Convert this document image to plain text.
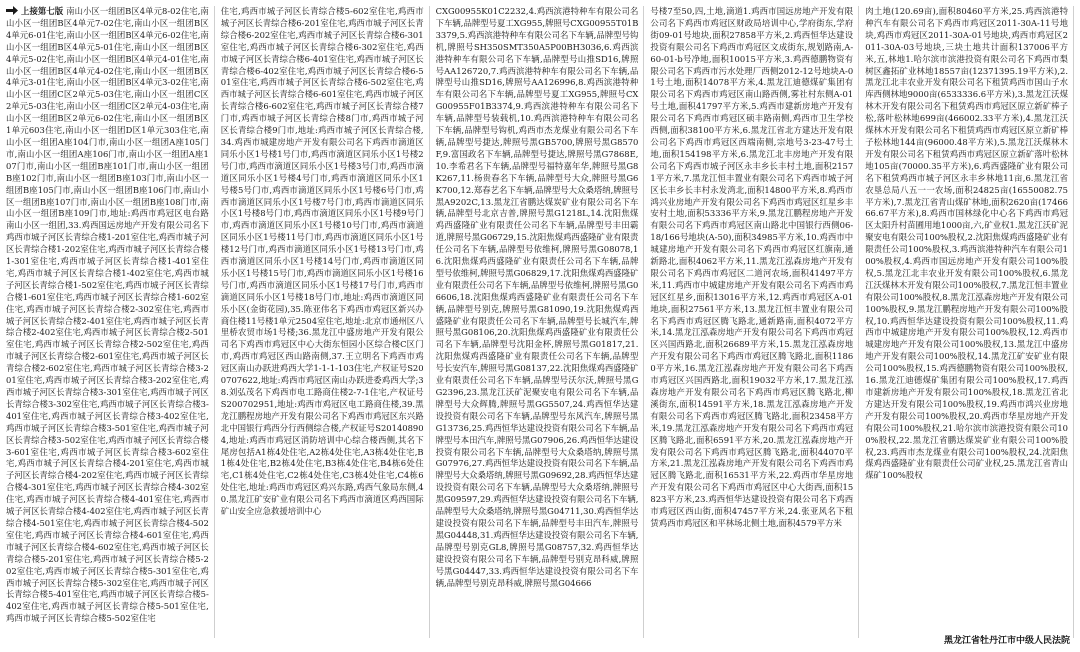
上接第七版 南山小区一组团B区4单元8-02住宅,南山小区一组团B区4单元7-02住宅,南山小区一组团B区4单元6-01住宅,南山小区一组团B区4单元6-02住宅,南山小区一组团B区4单元5-01住宅,南山小区一组团B区4单元5-02住宅,南山小区一组团B区4单元4-01住宅,南山小区一组团B区4单元4-02住宅,南山小区一组团B区4单元3-01住宅,南山小区一组团B区4单元3-02住宅,南山小区一组团C区2单元5-03住宅,南山小区一组团C区2单元5-03住宅,南山小区一组团C区2单元4-03住宅,南山小区一组团B区2单元6-02住宅,南山小区一组团B区1单元603住宅,南山小区一组团D区1单元303住宅,南山小区一组团A座104门市,南山小区一组团A座105门市,南山小区一组团A座106门市,南山小区一组团A座107门市,南山小区一组团B座101门市,南山小区一组团B座102门市,南山小区一组团B座103门市,南山小区一组团B座105门市,南山小区一组团B座106门市,南山小区一组团B座107门市,南山小区一组团B座108门市,南山小区一组团B座109门市,地址:鸡西市鸡冠区电台路南山小区一组团,33.鸡西国远房地产开发有限公司名下鸡西市城子河区长青综合楼1-201室住宅,鸡西市城子河区长青综合楼1-202室住宅,鸡西市城子河区长青综合楼1-301室住宅,鸡西市城子河区长青综合楼1-401室住宅,鸡西市城子河区长青综合楼1-402室住宅,鸡西市城子河区长青综合楼1-502室住宅,鸡西市城子河区长青综合楼1-601室住宅,鸡西市城子河区长青综合楼1-602室住宅,鸡西市城子河区长青综合楼2-302室住宅,鸡西市城子河区长青综合楼2-401室住宅,鸡西市城子河区长青综合楼2-402室住宅,鸡西市城子河区长青综合楼2-501室住宅,鸡西市城子河区长青综合楼2-502室住宅,鸡西市城子河区长青综合楼2-601室住宅,鸡西市城子河区长青综合楼2-602室住宅,鸡西市城子河区长青综合楼3-201室住宅,鸡西市城子河区长青综合楼3-202室住宅,鸡西市城子河区长青综合楼3-301室住宅,鸡西市城子河区长青综合楼3-302室住宅,鸡西市城子河区长青综合楼3-401室住宅,鸡西市城子河区长青综合楼3-402室住宅,鸡西市城子河区长青综合楼3-501室住宅,鸡西市城子河区长青综合楼3-502室住宅,鸡西市城子河区长青综合楼3-601室住宅,鸡西市城子河区长青综合楼3-602室住宅,鸡西市城子河区长青综合楼4-201室住宅,鸡西市城子河区长青综合楼4-202室住宅,鸡西市城子河区长青综合楼4-301室住宅,鸡西市城子河区长青综合楼4-302室住宅,鸡西市城子河区长青综合楼4-401室住宅,鸡西市城子河区长青综合楼4-402室住宅,鸡西市城子河区长青综合楼4-501室住宅,鸡西市城子河区长青综合楼4-502室住宅,鸡西市城子河区长青综合楼4-601室住宅,鸡西市城子河区长青综合楼4-602室住宅,鸡西市城子河区长青综合楼5-201室住宅,鸡西市城子河区长青综合楼5-202室住宅,鸡西市城子河区长青综合楼5-301室住宅,鸡西市城子河区长青综合楼5-302室住宅,鸡西市城子河区长青综合楼5-401室住宅,鸡西市城子河区长青综合楼5-402室住宅,鸡西市城子河区长青综合楼5-501室住宅,鸡西市城子河区长青综合楼5-502室住宅
住宅,鸡西市城子河区长青综合楼5-602室住宅,鸡西市城子河区长青综合楼6-201室住宅,鸡西市城子河区长青综合楼6-202室住宅,鸡西市城子河区长青综合楼6-301室住宅,鸡西市城子河区长青综合楼6-302室住宅,鸡西市城子河区长青综合楼6-401室住宅,鸡西市城子河区长青综合楼6-402室住宅,鸡西市城子河区长青综合楼6-501室住宅,鸡西市城子河区长青综合楼6-502室住宅,鸡西市城子河区长青综合楼6-601室住宅,鸡西市城子河区长青综合楼6-602室住宅,鸡西市城子河区长青综合楼7门市,鸡西市城子河区长青综合楼8门市,鸡西市城子河区长青综合楼9门市,地址:鸡西市城子河区长青综合楼,34.鸡西市城建房地产开发有限公司名下鸡西市滴道区同乐小区1号楼1号门市,鸡西市滴道区同乐小区1号楼2号门市,鸡西市滴道区同乐小区1号楼3号门市,鸡西市滴道区同乐小区1号楼4号门市,鸡西市滴道区同乐小区1号楼5号门市,鸡西市滴道区同乐小区1号楼6号门市,鸡西市滴道区同乐小区1号楼7号门市,鸡西市滴道区同乐小区1号楼8号门市,鸡西市滴道区同乐小区1号楼9号门市,鸡西市滴道区同乐小区1号楼10号门市,鸡西市滴道区同乐小区1号楼11号门市,鸡西市滴道区同乐小区1号楼12号门市,鸡西市滴道区同乐小区1号楼13号门市,鸡西市滴道区同乐小区1号楼14号门市,鸡西市滴道区同乐小区1号楼15号门市,鸡西市滴道区同乐小区1号楼16号门市,鸡西市滴道区同乐小区1号楼17号门市,鸡西市滴道区同乐小区1号楼18号门市,地址:鸡西市滴道区同乐小区(金街花园),35.陈亚伟名下鸡西市鸡冠区新兴办商住楼11号楼1单元2504室住宅,地址:北京市通州区八里桥农贸市场1号楼;36.黑龙江中盛房地产开发有限公司名下鸡西市鸡冠区中心大街东恒园小区综合楼C区门市,鸡西市鸡冠区西山路南侧,37.王立明名下鸡西市鸡冠区南山办跃进鸡西大学1-1-1-103住宅,产权证号S200707622,地址:鸡西市鸡冠区南山办跃进委鸡西大学;38.刘弘茂名下鸡西市电工路商住楼2-7-1住宅,产权证号S200702951,地址:鸡西市鸡冠区电工路商住楼,39.黑龙江鹏程房地产开发有限公司名下鸡西市鸡冠区东兴路北中国银行鸡西分行西侧综合楼,产权证号S201408904,地址:鸡西市鸡冠区消防培训中心综合楼西侧,其名下尾房包括A1栋4处住宅,A2栋4处住宅,A3栋4处住宅,B1栋4处住宅,B2栋4处住宅,B3栋4处住宅,B4栋6处住宅,C1栋4处住宅,C2栋4处住宅,C3栋4处住宅,C4栋6处住宅,地址:鸡西市鸡冠区鸡兴东路,鸡西气象局东侧,40.黑龙江矿安矿业有限公司名下鸡西市滴道区鸡西国际矿山安全应急救援培训中心
CXG00955K01C2232,4.鸡西滨港特种车有限公司名下车辆,品牌型号夏工XG955,牌照号CXG00955T01B3379,5.鸡西滨港特种车有限公司名下车辆,品牌型号钩机,牌照号SH350SMT350A5P00BH3036,6.鸡西滨港特种车有限公司名下车辆,品牌型号山推SD16,牌照号AA126720,7.鸡西滨港特种车有限公司名下车辆,品牌型号山推SD16,牌照号AA126996,8.鸡西滨港特种车有限公司名下车辆,品牌型号夏工XG955,牌照号CXG00955F01B3374,9.鸡西滨港特种车有限公司名下车辆,品牌型号装载机,10.鸡西滨港特种车有限公司名下车辆,品牌型号钩机,鸡西市杰龙煤业有限公司名下车辆,品牌型号捷达,牌照号黑GB5700,牌照号黑G8570F,9.富国政名下车辆,品牌型号捷达,牌照号黑G7868E,10.李希君名下车辆,品牌型号福特嘉年华,牌照号黑G8K267,11.杨贵春名下车辆,品牌型号大众,牌照号黑G6K700,12.郑春艺名下车辆,品牌型号大众桑塔纳,牌照号黑A9202C,13.黑龙江省鹏达煤炭矿业有限公司名下车辆,品牌型号北京吉普,牌照号黑G1218L,14.沈阳焦煤鸡西盛隆矿业有限责任公司名下车辆,品牌型号丰田霸道,牌照号黑G06729,15.沈阳焦煤鸡西盛隆矿业有限责任公司名下车辆,品牌型号依维柯,牌照号黑G08078,16.沈阳焦煤鸡西盛隆矿业有限责任公司名下车辆,品牌型号依维柯,牌照号黑G06829,17.沈阳焦煤鸡西盛隆矿业有限责任公司名下车辆,品牌型号依维柯,牌照号黑G06606,18.沈阳焦煤鸡西盛隆矿业有限责任公司名下车辆,品牌型号别克,牌照号黑G81090,19.沈阳焦煤鸡西盛隆矿业有限责任公司名下车辆,品牌型号长城汽车,牌照号黑G08106,20.沈阳焦煤鸡西盛隆矿业有限责任公司名下车辆,品牌型号沈阳金杯,牌照号黑G01817,21.沈阳焦煤鸡西盛隆矿业有限责任公司名下车辆,品牌型号长安汽车,牌照号黑G08137,22.沈阳焦煤鸡西盛隆矿业有限责任公司名下车辆,品牌型号沃尔沃,牌照号黑GG2396,23.黑龙江沃矿泥聚安电有限公司名下车辆,品牌型号大众辉腾,牌照号黑GG5507,24.鸡西恒华达建设投资有限公司名下车辆,品牌型号东风汽车,牌照号黑G13736,25.鸡西恒华达建设投资有限公司名下车辆,品牌型号本田汽车,牌照号黑G07906,26.鸡西恒华达建设投资有限公司名下车辆,品牌型号大众桑塔纳,牌照号黑G07976,27.鸡西恒华达建设投资有限公司名下车辆,品牌型号大众桑塔纳,牌照号黑G09692,28.鸡西恒华达建设投资有限公司名下车辆,品牌型号大众桑塔纳,牌照号黑G09597,29.鸡西恒华达建设投资有限公司名下车辆,品牌型号大众桑塔纳,牌照号黑G04711,30.鸡西恒华达建设投资有限公司名下车辆,品牌型号丰田汽车,牌照号黑G04448,31.鸡西恒华达建设投资有限公司名下车辆,品牌型号别克GL8,牌照号黑G08757,32.鸡西恒华达建设投资有限公司名下车辆,品牌型号别克昂科威,牌照号黑G04447,33.鸡西恒华达建设投资有限公司名下车辆,品牌型号别克昂科威,牌照号黑G04666
号楼7至50,四,土地,滴道1.鸡西市国远房地产开发有限公司名下鸡西市鸡冠区财政局培训中心,学府街东,学府街09-01号地块,面积27858平方米,2.鸡西恒华达建设投资有限公司名下鸡西市鸡冠区文成街东,规划路南,A-60-01-b号净地,面积10015平方米,3.鸡西德鹏物资有限公司名下鸡西市污水处理厂西侧2012-12号地块A-01号土地,面积14078平方米,4.黑龙江迪德煤矿集团有限公司名下鸡西市鸡冠区南山路西侧,雾社村东侧A-01号土地,面积41797平方米,5.鸡西市建新房地产开发有限公司名下鸡西市鸡冠区硕丰路南侧,鸡西市卫生学校西侧,面积38100平方米,6.黑龙江省北方建达开发有限公司名下鸡西市鸡冠区西端南侧,宗地号3-23-47号土地,面积154198平方米,6.黑龙江北丰房地产开发有限公司名下鸡西市城子河区永丰乡长丰村土地,面积21571平方米,7.黑龙江恒丰置业有限公司名下鸡西市城子河区长丰乡长丰村永发湾北,面积14800平方米,8.鸡西市鸿兴业房地产开发有限公司名下鸡西市鸡冠区红星乡丰安村土地,面积53336平方米,9.黑龙江鹏程房地产开发有限公司名下鸡西市鸡冠区南山路北中国银行西侧06-18/166号地块(A-50),面积34985平方米,10.鸡西市中城建房地产开发有限公司名下鸡西市鸡冠区红旗南,通新路北,面积4062平方米,11.黑龙江泓森房地产开发有限公司名下鸡西市鸡冠区二道河农场,面积41497平方米,11.鸡西市中城建房地产开发有限公司名下鸡西市鸡冠区红星乡,面积13016平方米,12.鸡西市鸡冠区A-01地块,面积27561平方米,13.黑龙江恒丰置业有限公司名下鸡西市鸡冠区腾飞路北,通新路南,面积4072平方米,14.黑龙江泓森房地产开发有限公司名下鸡西市鸡冠区兴国西路北,面积26689平方米,15.黑龙江泓森房地产开发有限公司名下鸡西市鸡冠区腾飞路北,面积11860平方米,16.黑龙江泓森房地产开发有限公司名下鸡西市鸡冠区兴国西路北,面积19032平方米,17.黑龙江泓森房地产开发有限公司名下鸡西市鸡冠区腾飞路北,柳溪街东,面积14591平方米,18.黑龙江泓森房地产开发有限公司名下鸡西市鸡冠区腾飞路北,面积23458平方米,19.黑龙江泓森房地产开发有限公司名下鸡西市鸡冠区腾飞路北,面积6591平方米,20.黑龙江泓森房地产开发有限公司名下鸡西市鸡冠区腾飞路北,面积44070平方米,21.黑龙江泓森房地产开发有限公司名下鸡西市鸡冠区腾飞路北,面积16531平方米,22.鸡西市华星房地产开发有限公司名下鸡西市鸡冠区中心大街西,面积15823平方米,23.鸡西恒华达建设投资有限公司名下鸡西市鸡冠区西山街,面积47457平方米,24.张亚风名下租赁鸡西市鸡冠区和平林场北侧土地,面积4579平方米
肉土地(120.69亩),面积80460平方米,25.鸡西滨港特种汽车有限公司名下鸡西市鸡冠区2011-30A-11号地块,鸡西市鸡冠区2011-30A-01号地块,鸡西市鸡冠区2011-30A-03号地块,三块土地共计面积137006平方米,五,林地1.哈尔滨市滨港投资有限公司名下鸡西市梨树区鑫拓矿业林地18557亩(12371395.19平方米),2.黑龙江北丰农业开发有限公司名下租赁鸡西市国山子水库西侧林地9000亩(6533336.6平方米),3.黑龙江沃煤林木开发有限公司名下租赁鸡西市鸡冠区原立新矿棒子松,落叶松林地699亩(466002.33平方米),4.黑龙江沃煤林木开发有限公司名下租赁鸡西市鸡冠区原立新矿棒子松林地144亩(96000.48平方米),5.黑龙江沃煤林木开发有限公司名下租赁鸡西市鸡冠区原立新矿落叶松林地105亩(70000.35平方米),6.鸡西盛隆矿业有限公司名下租赁鸡西市城子河区永丰乡林地11亩,6.黑龙江省农垦总局八五一一农场,面积24825亩(16550082.75平方米),7.黑龙江省青山煤矿林地,面积2620亩(1746666.67平方米),8.鸡西市国林绿化中心名下鸡西市鸡冠区太阳升村苗圃用地1000亩,六,矿业权1.黑龙江沃矿泥聚安电有限公司100%股权,2.沈阳焦煤鸡西盛隆矿业有限责任公司100%股权,3.鸡西滨港特种汽车有限公司100%股权,4.鸡西市国远房地产开发有限公司100%股权,5.黑龙江北丰农业开发有限公司100%股权,6.黑龙江沃煤林木开发有限公司100%股权,7.黑龙江恒丰置业有限公司100%股权,8.黑龙江泓森房地产开发有限公司100%股权,9.黑龙江鹏程房地产开发有限公司100%股权,10.鸡西恒华达建设投资有限公司100%股权,11.鸡西市中城建房地产开发有限公司100%股权,12.鸡西市城建房地产开发有限公司100%股权,13.黑龙江中盛房地产开发有限公司100%股权,14.黑龙江矿安矿业有限公司100%股权,15.鸡西德鹏物资有限公司100%股权,16.黑龙江迪德煤矿集团有限公司100%股权,17.鸡西市建新房地产开发有限公司100%股权,18.黑龙江省北方建达开发有限公司100%股权,19.鸡西市鸿兴业房地产开发有限公司100%股权,20.鸡西市华星房地产开发有限公司100%股权,21.哈尔滨市滨港投资有限公司100%股权,22.黑龙江省鹏达煤炭矿业有限公司100%股权,23.鸡西市杰龙煤业有限公司100%股权,24.沈阳焦煤鸡西盛隆矿业有限责任公司矿业权,25.黑龙江省青山煤矿100%股权
黑龙江省牡丹江市中级人民法院
